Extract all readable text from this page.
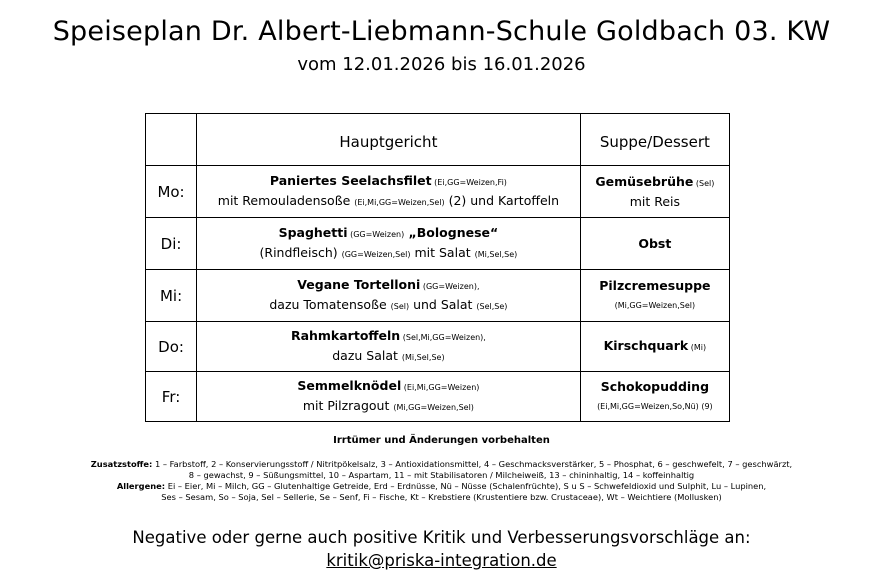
Speiseplan Dr. Albert-Liebmann-Schule Goldbach 03. KW
vom 12.01.2026 bis 16.01.2026
	Hauptgericht	Suppe/Dessert
Mo:	Paniertes Seelachsfilet (Ei,GG=Weizen,Fi)
mit Remouladensoße (Ei,Mi,GG=Weizen,Sel) (2) und Kartoffeln	Gemüsebrühe (Sel)
mit Reis

Di:	Spaghetti (GG=Weizen) „Bolognese“
(Rindfleisch) (GG=Weizen,Sel) mit Salat (Mi,Sel,Se)	Obst

Mi:	Vegane Tortelloni (GG=Weizen),
dazu Tomatensoße (Sel) und Salat (Sel,Se)	Pilzcremesuppe
(Mi,GG=Weizen,Sel)

Do:	Rahmkartoffeln (Sel,Mi,GG=Weizen),
dazu Salat (Mi,Sel,Se)	Kirschquark (Mi)

Fr:	Semmelknödel (Ei,Mi,GG=Weizen)
mit Pilzragout (Mi,GG=Weizen,Sel)	Schokopudding
(Ei,Mi,GG=Weizen,So,Nü) (9)
Irrtümer und Änderungen vorbehalten
Zusatzstoffe: 1 – Farbstoff, 2 – Konservierungsstoff / Nitritpökelsalz, 3 – Antioxidationsmittel, 4 – Geschmacksverstärker, 5 – Phosphat, 6 – geschwefelt, 7 – geschwärzt,
8 – gewachst, 9 – Süßungsmittel, 10 – Aspartam, 11 – mit Stabilisatoren / Milcheiweiß, 13 – chininhaltig, 14 – koffeinhaltig
Allergene: Ei – Eier, Mi – Milch, GG – Glutenhaltige Getreide, Erd – Erdnüsse, Nü – Nüsse (Schalenfrüchte), S u S – Schwefeldioxid und Sulphit, Lu – Lupinen,
Ses – Sesam, So – Soja, Sel – Sellerie, Se – Senf, Fi – Fische, Kt – Krebstiere (Krustentiere bzw. Crustaceae), Wt – Weichtiere (Mollusken)
Negative oder gerne auch positive Kritik und Verbesserungsvorschläge an:
kritik@priska-integration.de
